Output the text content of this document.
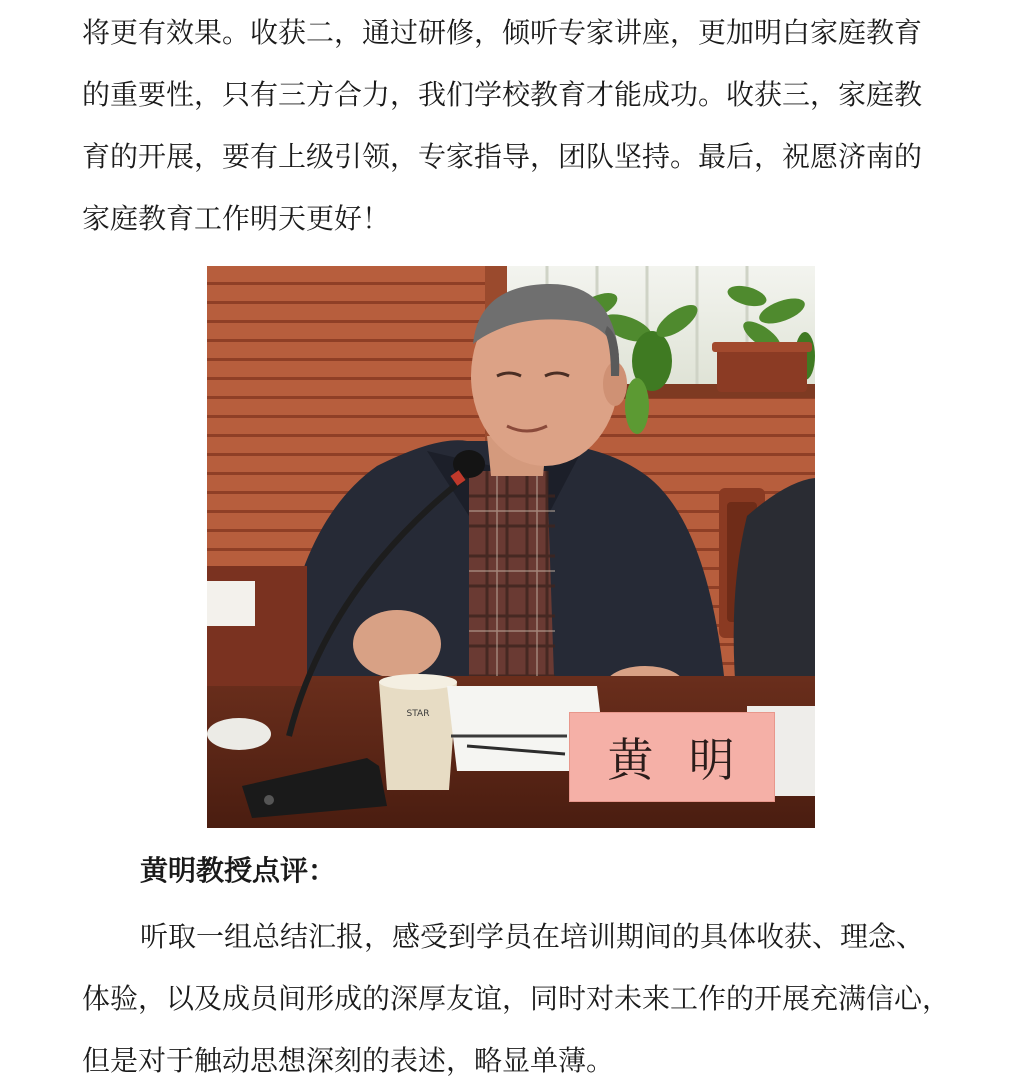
将更有效果。收获二，通过研修，倾听专家讲座，更加明白家庭教育
的重要性，只有三方合力，我们学校教育才能成功。收获三，家庭教
育的开展，要有上级引领，专家指导，团队坚持。最后，祝愿济南的
家庭教育工作明天更好！
STAR
黄  明

黄明教授点评：

听取一组总结汇报，感受到学员在培训期间的具体收获、理念、
体验，以及成员间形成的深厚友谊，同时对未来工作的开展充满信心，
但是对于触动思想深刻的表述，略显单薄。
